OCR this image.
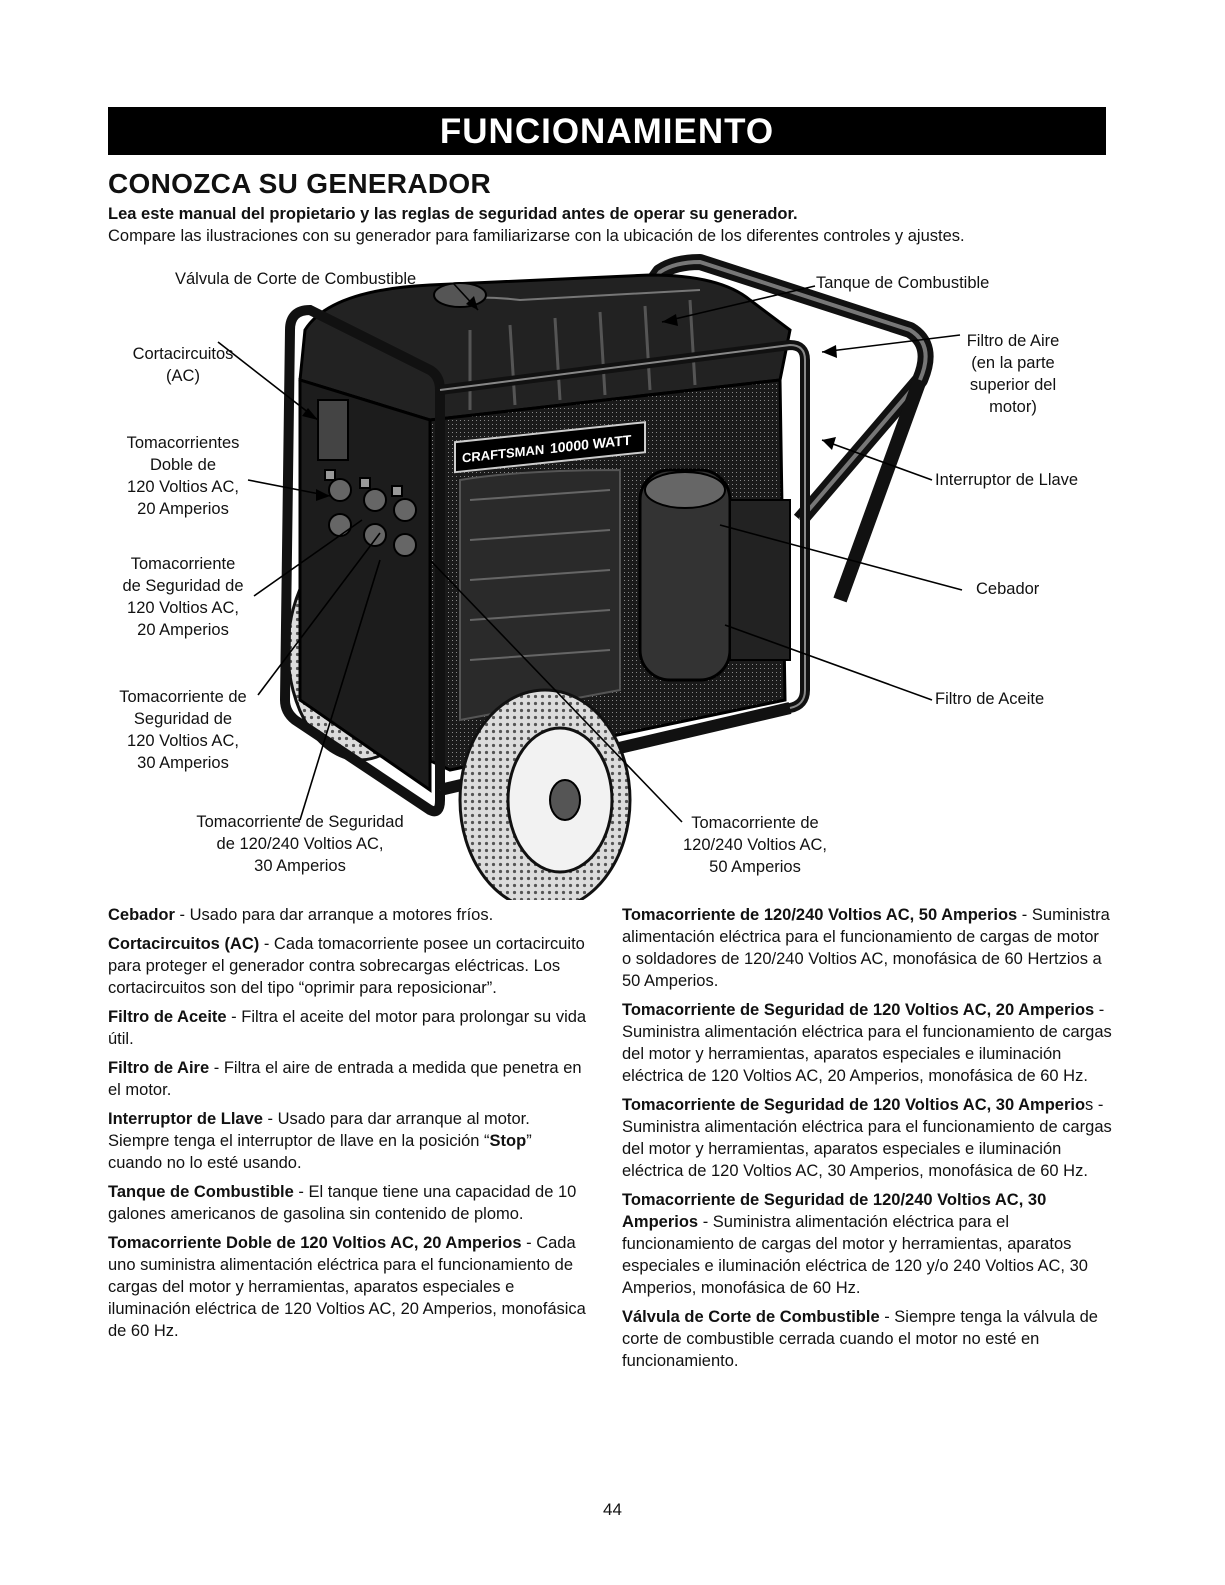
FUNCIONAMIENTO
CONOZCA SU GENERADOR
Lea este manual del propietario y las reglas de seguridad antes de operar su generador.
Compare las ilustraciones con su generador para familiarizarse con la ubicación de los diferentes controles y ajustes.
CRAFTSMAN 10000 WATT
Válvula de Corte de Combustible	Tanque de Combustible
Cortacircuitos
(AC)
Filtro de Aire
(en la parte
superior del
motor)
Tomacorrientes
Doble de
120 Voltios AC,
20 Amperios
Interruptor de Llave
Tomacorriente
de Seguridad de
120 Voltios AC,
20 Amperios
Cebador
Tomacorriente de
Seguridad de
120 Voltios AC,
30 Amperios
Filtro de Aceite
Tomacorriente de Seguridad
de 120/240 Voltios AC,
30 Amperios
Tomacorriente de
120/240 Voltios AC,
50 Amperios

Cebador - Usado para dar arranque a motores fríos.

Cortacircuitos (AC) - Cada tomacorriente posee un cortacircuito para proteger el generador contra sobrecargas eléctricas. Los cortacircuitos son del tipo “oprimir para reposicionar”.

Filtro de Aceite - Filtra el aceite del motor para prolongar su vida útil.

Filtro de Aire - Filtra el aire de entrada a medida que penetra en el motor.

Interruptor de Llave - Usado para dar arranque al motor. Siempre tenga el interruptor de llave en la posición “Stop” cuando no lo esté usando.

Tanque de Combustible - El tanque tiene una capacidad de 10 galones americanos de gasolina sin contenido de plomo.

Tomacorriente Doble de 120 Voltios AC, 20 Amperios - Cada uno suministra alimentación eléctrica para el funcionamiento de cargas del motor y herramientas, aparatos especiales e iluminación eléctrica de 120 Voltios AC, 20 Amperios, monofásica de 60 Hz.

Tomacorriente de 120/240 Voltios AC, 50 Amperios - Suministra alimentación eléctrica para el funcionamiento de cargas de motor o soldadores de 120/240 Voltios AC, monofásica de 60 Hertzios a 50 Amperios.

Tomacorriente de Seguridad de 120 Voltios AC, 20 Amperios - Suministra alimentación eléctrica para el funcionamiento de cargas del motor y herramientas, aparatos especiales e iluminación eléctrica de 120 Voltios AC, 20 Amperios, monofásica de 60 Hz.

Tomacorriente de Seguridad de 120 Voltios AC, 30 Amperios - Suministra alimentación eléctrica para el funcionamiento de cargas del motor y herramientas, aparatos especiales e iluminación eléctrica de 120 Voltios AC, 30 Amperios, monofásica de 60 Hz.

Tomacorriente de Seguridad de 120/240 Voltios AC, 30 Amperios - Suministra alimentación eléctrica para el funcionamiento de cargas del motor y herramientas, aparatos especiales e iluminación eléctrica de 120 y/o 240 Voltios AC, 30 Amperios, monofásica de 60 Hz.

Válvula de Corte de Combustible - Siempre tenga la válvula de corte de combustible cerrada cuando el motor no esté en funcionamiento.

44
